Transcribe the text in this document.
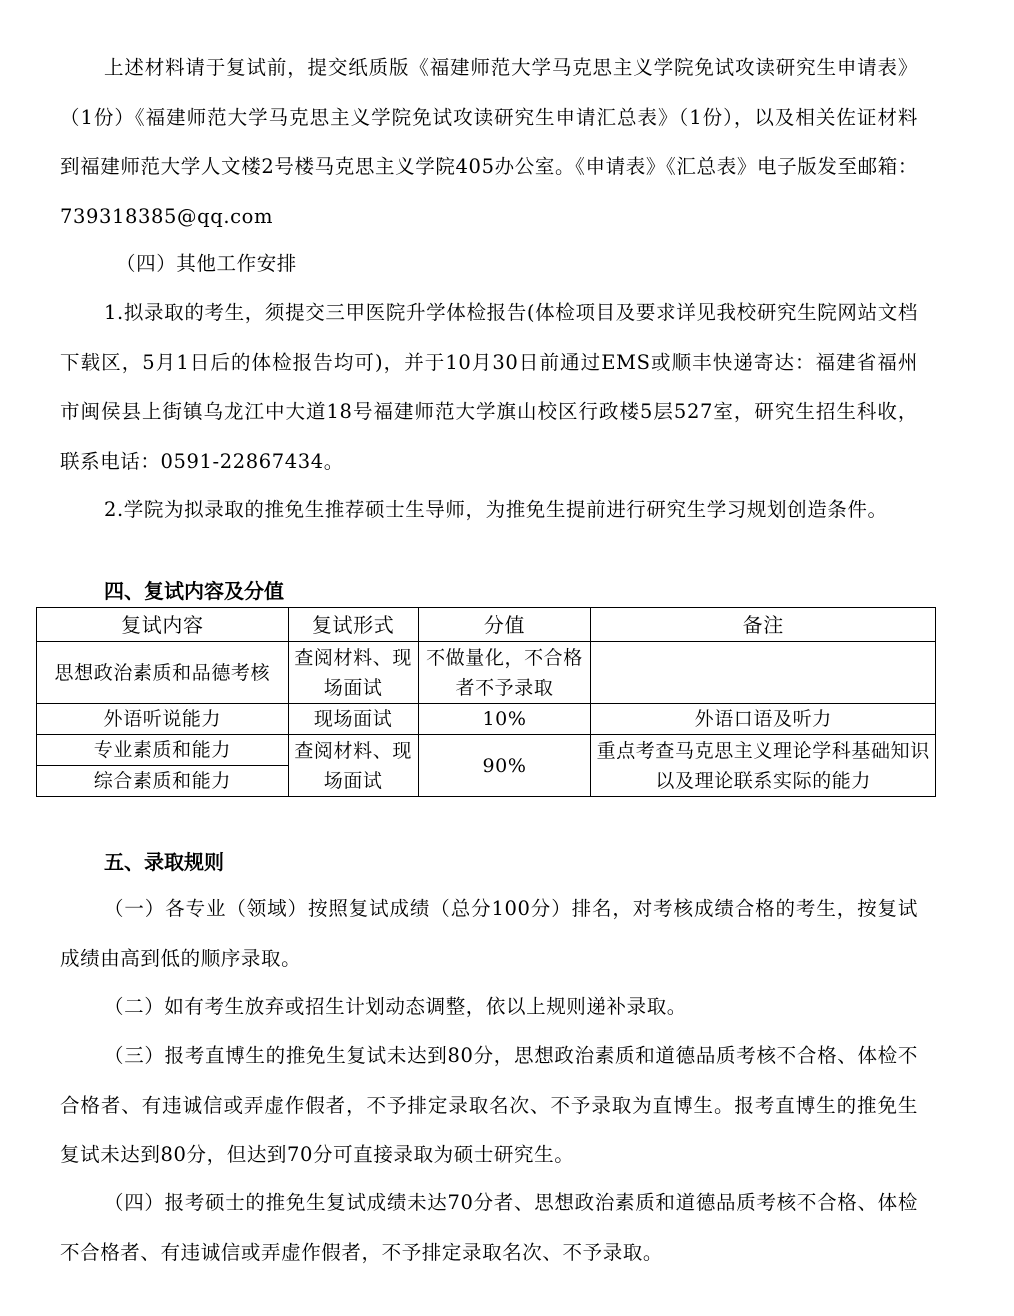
上述材料请于复试前，提交纸质版《福建师范大学马克思主义学院免试攻读研究生申请表》（1份）《福建师范大学马克思主义学院免试攻读研究生申请汇总表》（1份），以及相关佐证材料到福建师范大学人文楼2号楼马克思主义学院405办公室。《申请表》《汇总表》电子版发至邮箱：739318385@qq.com

（四）其他工作安排

1.拟录取的考生，须提交三甲医院升学体检报告(体检项目及要求详见我校研究生院网站文档下载区，5月1日后的体检报告均可)，并于10月30日前通过EMS或顺丰快递寄达：福建省福州市闽侯县上街镇乌龙江中大道18号福建师范大学旗山校区行政楼5层527室，研究生招生科收，联系电话：0591-22867434。

2.学院为拟录取的推免生推荐硕士生导师，为推免生提前进行研究生学习规划创造条件。

四、复试内容及分值
复试内容	复试形式	分值	备注
思想政治素质和品德考核	查阅材料、现场面试	不做量化，不合格者不予录取	
外语听说能力	现场面试	10%	外语口语及听力
专业素质和能力	查阅材料、现场面试	90%	重点考查马克思主义理论学科基础知识以及理论联系实际的能力
综合素质和能力			
五、录取规则

（一）各专业（领域）按照复试成绩（总分100分）排名，对考核成绩合格的考生，按复试成绩由高到低的顺序录取。

（二）如有考生放弃或招生计划动态调整，依以上规则递补录取。

（三）报考直博生的推免生复试未达到80分，思想政治素质和道德品质考核不合格、体检不合格者、有违诚信或弄虚作假者，不予排定录取名次、不予录取为直博生。报考直博生的推免生复试未达到80分，但达到70分可直接录取为硕士研究生。

（四）报考硕士的推免生复试成绩未达70分者、思想政治素质和道德品质考核不合格、体检不合格者、有违诚信或弄虚作假者，不予排定录取名次、不予录取。
